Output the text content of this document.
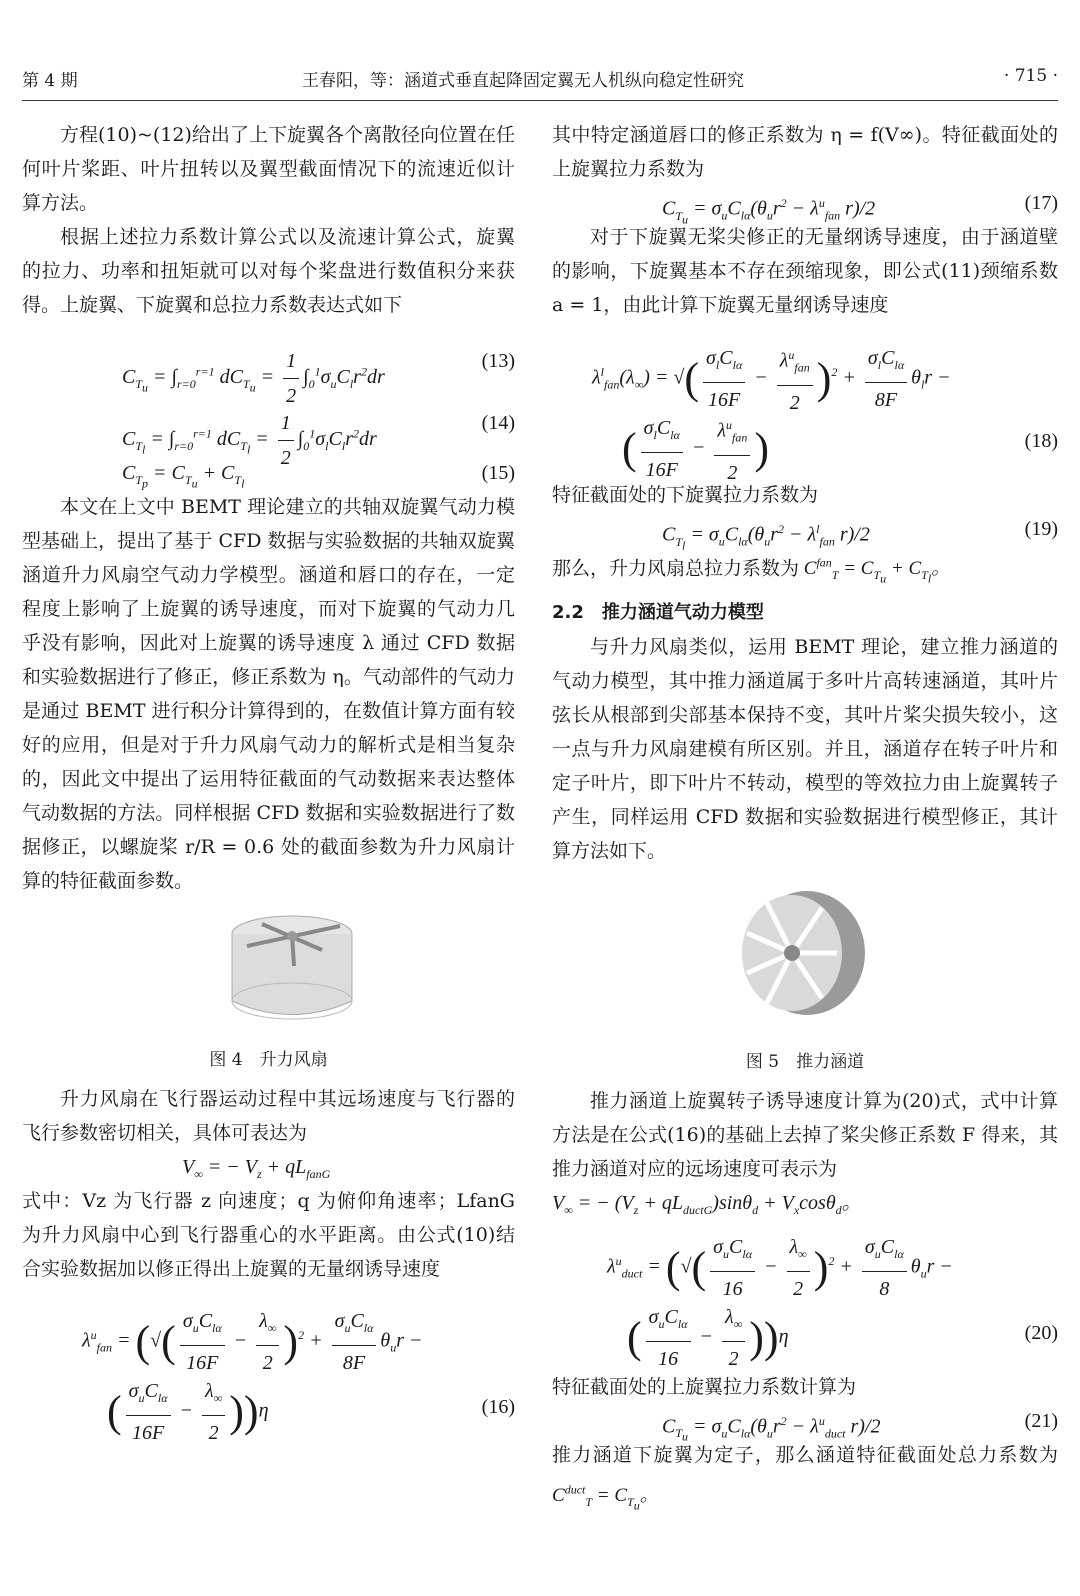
第 4 期	王春阳，等：涵道式垂直起降固定翼无人机纵向稳定性研究	· 715 ·

方程(10)~(12)给出了上下旋翼各个离散径向位置在任何叶片桨距、叶片扭转以及翼型截面情况下的流速近似计算方法。

根据上述拉力系数计算公式以及流速计算公式，旋翼的拉力、功率和扭矩就可以对每个桨盘进行数值积分来获得。上旋翼、下旋翼和总拉力系数表达式如下

$C_{T_u} = \int_{r=0}^{r=1}$ $dC_{T_u} = \frac{1}{2} \int_0^1\sigma_uC_lr^2dr$
(13)
$C_{T_l} = \int_{r=0}^{r=1}$ $dC_{T_l} = \frac{1}{2} \int_0^1\sigma_lC_lr^2dr$
(14)
$C_{T_p} = C_{T_u} + C_{T_l}$	(15)

本文在上文中 BEMT 理论建立的共轴双旋翼气动力模型基础上，提出了基于 CFD 数据与实验数据的共轴双旋翼涵道升力风扇空气动力学模型。涵道和唇口的存在，一定程度上影响了上旋翼的诱导速度，而对下旋翼的气动力几乎没有影响，因此对上旋翼的诱导速度 λ 通过 CFD 数据和实验数据进行了修正，修正系数为 η。气动部件的气动力是通过 BEMT 进行积分计算得到的，在数值计算方面有较好的应用，但是对于升力风扇气动力的解析式是相当复杂的，因此文中提出了运用特征截面的气动数据来表达整体气动数据的方法。同样根据 CFD 数据和实验数据进行了数据修正，以螺旋桨 r/R = 0.6 处的截面参数为升力风扇计算的特征截面参数。

图 4　升力风扇

升力风扇在飞行器运动过程中其远场速度与飞行器的飞行参数密切相关，具体可表达为

$V_\infty$ = − $V_z + qL_{fanG}$

式中：Vz 为飞行器 z 向速度；q 为俯仰角速率；LfanG 为升力风扇中心到飞行器重心的水平距离。由公式(10)结合实验数据加以修正得出上旋翼的无量纲诱导速度

$\lambda^u_{fan}$ = (√( $\frac{\sigma_uC_{l\alpha}}{16F} - \frac{\lambda_\infty}{2} )^2 + \frac{\sigma_uC_{l\alpha}}{8F} \theta_ur$ −
( $\frac{\sigma_uC_{l\alpha}}{16F} - \frac{\lambda_\infty}{2} ))\eta$	(16)

其中特定涵道唇口的修正系数为 η = f(V∞)。特征截面处的上旋翼拉力系数为

$C_{T_u} = \sigma_uC_{l\alpha}(\theta_ur^2 - \lambda^u_{fan}$ r)/2	(17)

对于下旋翼无桨尖修正的无量纲诱导速度，由于涵道壁的影响，下旋翼基本不存在颈缩现象，即公式(11)颈缩系数 a = 1，由此计算下旋翼无量纲诱导速度

$\lambda^l_{fan}(\lambda_\infty)$ = √( $\frac{\sigma_lC_{l\alpha}}{16F} - \frac{\lambda^u_{fan}}{2} )^2 + \frac{\sigma_lC_{l\alpha}}{8F} \theta_lr$ −
( $\frac{\sigma_lC_{l\alpha}}{16F} - \frac{\lambda^u_{fan}}{2}$ )	(18)

特征截面处的下旋翼拉力系数为

$C_{T_l} = \sigma_uC_{l\alpha}(\theta_ur^2 - \lambda^l_{fan}$ r)/2	(19)

那么，升力风扇总拉力系数为 $C^{fan}_T = C_{T_u} + C_{T_l}$。

2.2　推力涵道气动力模型

与升力风扇类似，运用 BEMT 理论，建立推力涵道的气动力模型，其中推力涵道属于多叶片高转速涵道，其叶片弦长从根部到尖部基本保持不变，其叶片桨尖损失较小，这一点与升力风扇建模有所区别。并且，涵道存在转子叶片和定子叶片，即下叶片不转动，模型的等效拉力由上旋翼转子产生，同样运用 CFD 数据和实验数据进行模型修正，其计算方法如下。

图 5　推力涵道

推力涵道上旋翼转子诱导速度计算为(20)式，式中计算方法是在公式(16)的基础上去掉了桨尖修正系数 F 得来，其推力涵道对应的远场速度可表示为

$V_\infty$ = − $(V_z + qL_{ductG})\sin\theta_d + V_x\cos\theta_d$。
$\lambda^u_{duct}$ = (√( $\frac{\sigma_uC_{l\alpha}}{16} - \frac{\lambda_\infty}{2} )^2 + \frac{\sigma_uC_{l\alpha}}{8} \theta_ur$ −
( $\frac{\sigma_uC_{l\alpha}}{16} - \frac{\lambda_\infty}{2} ))\eta$	(20)

特征截面处的上旋翼拉力系数计算为

$C_{T_u} = \sigma_uC_{l\alpha}(\theta_ur^2 - \lambda^u_{duct}$ r)/2	(21)

推力涵道下旋翼为定子，那么涵道特征截面处总力系数为 $C^{duct}_T = C_{T_u}$。
